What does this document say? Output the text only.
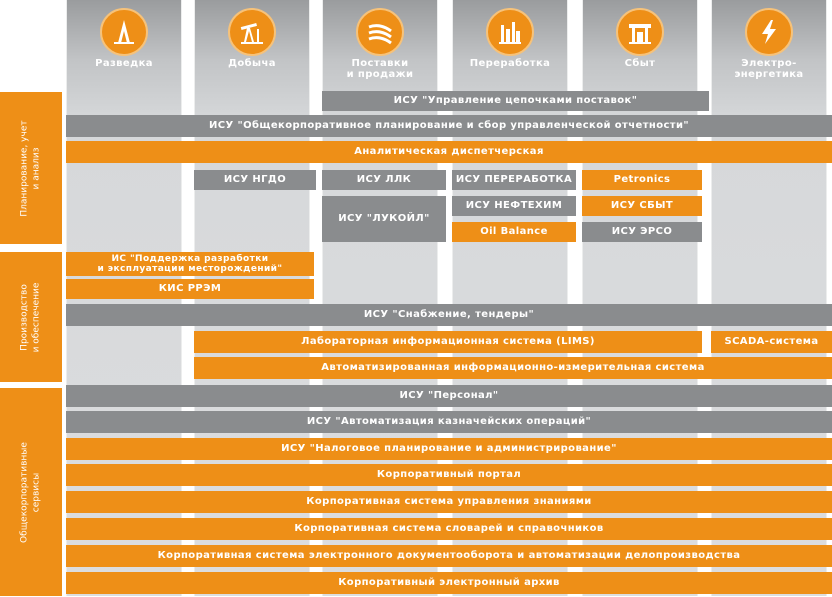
Разведка	Добыча	Поставки
и продажи
Переработка	Сбыт	Электро-
энергетика
Планирование, учет
и анализ
Производство
и обеспечение
Общекорпоративные
сервисы
ИСУ "Управление цепочками поставок"
ИСУ "Общекорпоративное планирование и сбор управленческой отчетности"
Аналитическая диспетчерская
ИСУ НГДО	ИСУ ЛЛК
ИСУ "ЛУКОЙЛ"
ИСУ ПЕРЕРАБОТКА
ИСУ НЕФТЕХИМ
Oil Balance
Petronics
ИСУ СБЫТ
ИСУ ЭРСО
ИС "Поддержка разработки
и эксплуатации месторождений"
КИС РРЭМ
ИСУ "Снабжение, тендеры"
Лабораторная информационная система (LIMS)	SCADA-система
Автоматизированная информационно-измерительная система
ИСУ "Персонал"
ИСУ "Автоматизация казначейских операций"
ИСУ "Налоговое планирование и администрирование"
Корпоративный портал
Корпоративная система управления знаниями
Корпоративная система словарей и справочников
Корпоративная система электронного документооборота и автоматизации делопроизводства
Корпоративный электронный архив
